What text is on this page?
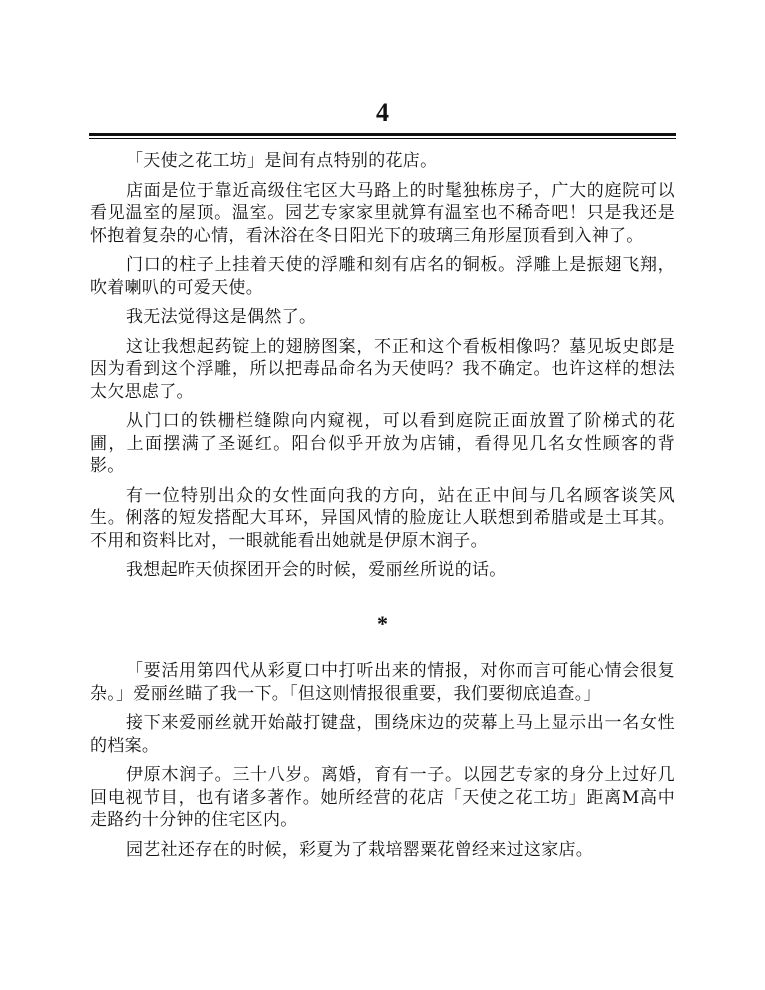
4

「天使之花工坊」是间有点特别的花店。

店面是位于靠近高级住宅区大马路上的时髦独栋房子，广大的庭院可以看见温室的屋顶。温室。园艺专家家里就算有温室也不稀奇吧！只是我还是怀抱着复杂的心情，看沐浴在冬日阳光下的玻璃三角形屋顶看到入神了。

门口的柱子上挂着天使的浮雕和刻有店名的铜板。浮雕上是振翅飞翔，吹着喇叭的可爱天使。

我无法觉得这是偶然了。

这让我想起药锭上的翅膀图案，不正和这个看板相像吗？墓见坂史郎是因为看到这个浮雕，所以把毒品命名为天使吗？我不确定。也许这样的想法太欠思虑了。

从门口的铁栅栏缝隙向内窥视，可以看到庭院正面放置了阶梯式的花圃，上面摆满了圣诞红。阳台似乎开放为店铺，看得见几名女性顾客的背影。

有一位特别出众的女性面向我的方向，站在正中间与几名顾客谈笑风生。俐落的短发搭配大耳环，异国风情的脸庞让人联想到希腊或是土耳其。不用和资料比对，一眼就能看出她就是伊原木润子。

我想起昨天侦探团开会的时候，爱丽丝所说的话。

*

「要活用第四代从彩夏口中打听出来的情报，对你而言可能心情会很复杂。」爱丽丝瞄了我一下。「但这则情报很重要，我们要彻底追查。」

接下来爱丽丝就开始敲打键盘，围绕床边的荧幕上马上显示出一名女性的档案。

伊原木润子。三十八岁。离婚，育有一子。以园艺专家的身分上过好几回电视节目，也有诸多著作。她所经营的花店「天使之花工坊」距离M高中走路约十分钟的住宅区内。

园艺社还存在的时候，彩夏为了栽培罂粟花曾经来过这家店。
